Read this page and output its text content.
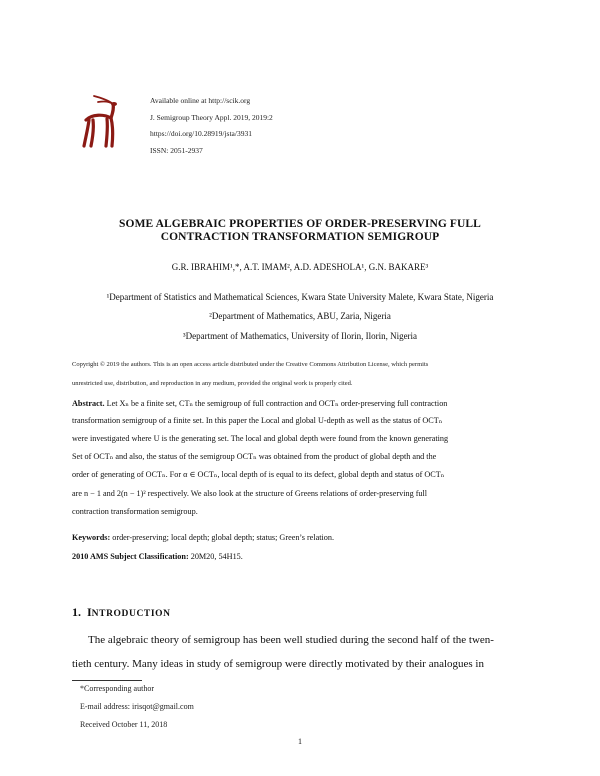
Available online at http://scik.org
J. Semigroup Theory Appl. 2019, 2019:2
https://doi.org/10.28919/jsta/3931
ISSN: 2051-2937
SOME ALGEBRAIC PROPERTIES OF ORDER-PRESERVING FULL
CONTRACTION TRANSFORMATION SEMIGROUP
G.R. IBRAHIM¹,*, A.T. IMAM², A.D. ADESHOLA¹, G.N. BAKARE³
¹Department of Statistics and Mathematical Sciences, Kwara State University Malete, Kwara State, Nigeria
²Department of Mathematics, ABU, Zaria, Nigeria
³Department of Mathematics, University of Ilorin, Ilorin, Nigeria
Copyright © 2019 the authors. This is an open access article distributed under the Creative Commons Attribution License, which permits
unrestricted use, distribution, and reproduction in any medium, provided the original work is properly cited.
Abstract. Let Xₙ be a finite set, CTₙ the semigroup of full contraction and OCTₙ order-preserving full contraction
transformation semigroup of a finite set. In this paper the Local and global U-depth as well as the status of OCTₙ
were investigated where U is the generating set. The local and global depth were found from the known generating
Set of OCTₙ and also, the status of the semigroup OCTₙ was obtained from the product of global depth and the
order of generating of OCTₙ. For α ∈ OCTₙ, local depth of is equal to its defect, global depth and status of OCTₙ
are n − 1 and 2(n − 1)² respectively. We also look at the structure of Greens relations of order-preserving full
contraction transformation semigroup.
Keywords: order-preserving; local depth; global depth; status; Green’s relation.
2010 AMS Subject Classification: 20M20, 54H15.
1. INTRODUCTION
The algebraic theory of semigroup has been well studied during the second half of the twen-
tieth century. Many ideas in study of semigroup were directly motivated by their analogues in
*Corresponding author
E-mail address: irisqot@gmail.com
Received October 11, 2018
1
